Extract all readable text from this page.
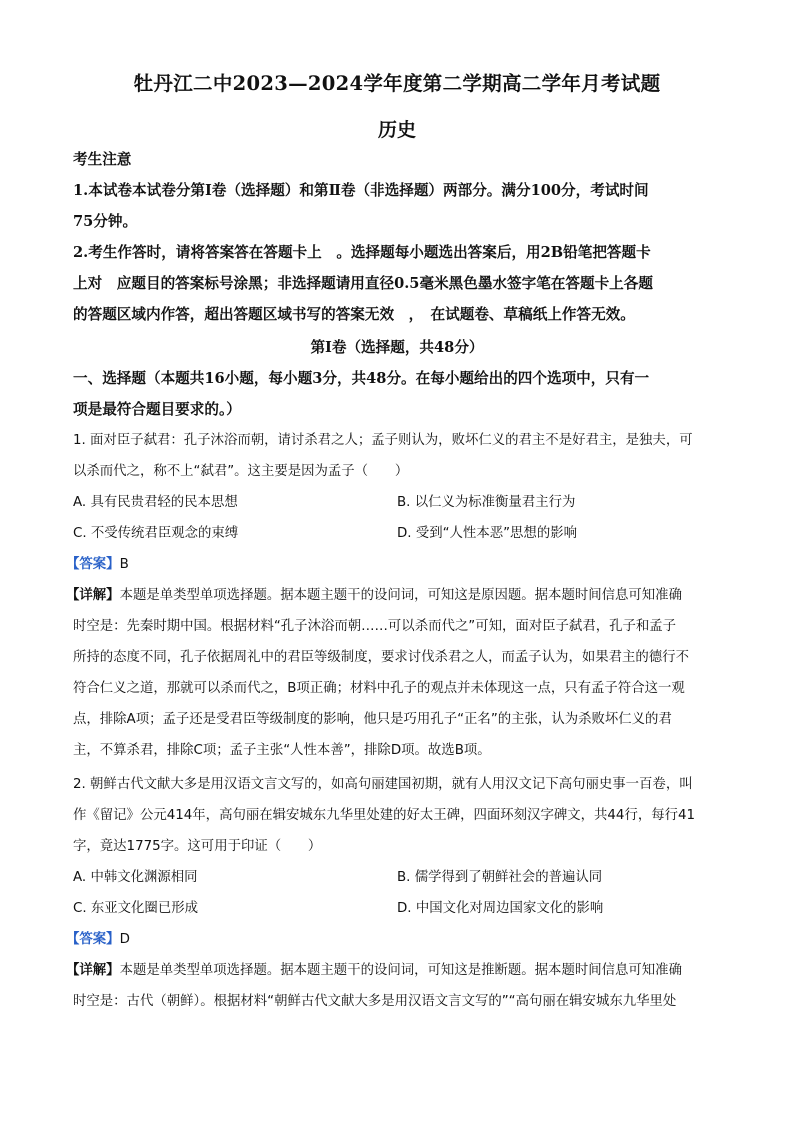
牡丹江二中2023—2024学年度第二学期高二学年月考试题
历史
考生注意
1.本试卷本试卷分第Ⅰ卷（选择题）和第Ⅱ卷（非选择题）两部分。满分100分，考试时间
75分钟。
2.考生作答时，请将答案答在答题卡上　。选择题每小题选出答案后，用2B铅笔把答题卡
上对　应题目的答案标号涂黑；非选择题请用直径0.5毫米黑色墨水签字笔在答题卡上各题
的答题区域内作答，超出答题区域书写的答案无效　，　在试题卷、草稿纸上作答无效。
第Ⅰ卷（选择题，共48分）
一、选择题（本题共16小题，每小题3分，共48分。在每小题给出的四个选项中，只有一
项是最符合题目要求的。）
1. 面对臣子弑君：孔子沐浴而朝，请讨杀君之人；孟子则认为，败坏仁义的君主不是好君主，是独夫，可
以杀而代之，称不上“弑君”。这主要是因为孟子（　　）
A. 具有民贵君轻的民本思想	B. 以仁义为标准衡量君主行为
C. 不受传统君臣观念的束缚	D. 受到“人性本恶”思想的影响
【答案】B
【详解】本题是单类型单项选择题。据本题主题干的设问词，可知这是原因题。据本题时间信息可知准确
时空是：先秦时期中国。根据材料“孔子沐浴而朝……可以杀而代之”可知，面对臣子弑君，孔子和孟子
所持的态度不同，孔子依据周礼中的君臣等级制度，要求讨伐杀君之人，而孟子认为，如果君主的德行不
符合仁义之道，那就可以杀而代之，B项正确；材料中孔子的观点并未体现这一点，只有孟子符合这一观
点，排除A项；孟子还是受君臣等级制度的影响，他只是巧用孔子“正名”的主张，认为杀败坏仁义的君
主，不算杀君，排除C项；孟子主张“人性本善”，排除D项。故选B项。
2. 朝鲜古代文献大多是用汉语文言文写的，如高句丽建国初期，就有人用汉文记下高句丽史事一百卷，叫
作《留记》公元414年，高句丽在辑安城东九华里处建的好太王碑，四面环刻汉字碑文，共44行，每行41
字，竟达1775字。这可用于印证（　　）
A. 中韩文化渊源相同	B. 儒学得到了朝鲜社会的普遍认同
C. 东亚文化圈已形成	D. 中国文化对周边国家文化的影响
【答案】D
【详解】本题是单类型单项选择题。据本题主题干的设问词，可知这是推断题。据本题时间信息可知准确
时空是：古代（朝鲜）。根据材料“朝鲜古代文献大多是用汉语文言文写的”“高句丽在辑安城东九华里处
